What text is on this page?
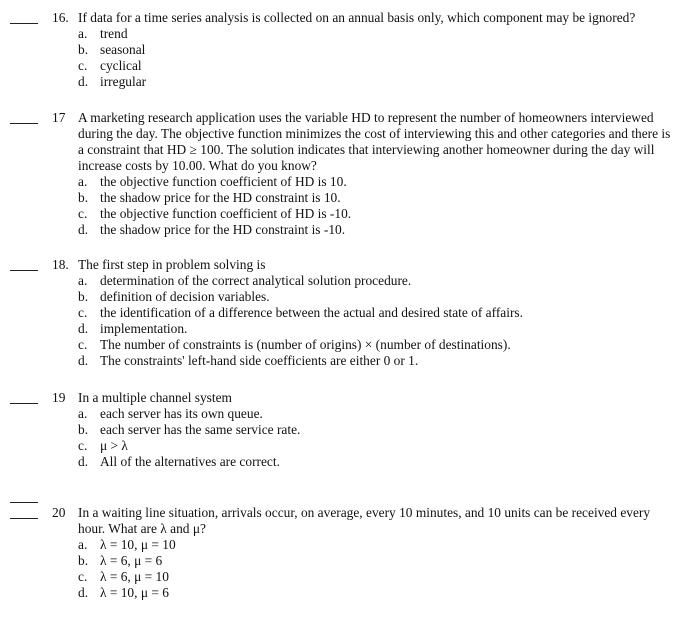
16. If data for a time series analysis is collected on an annual basis only, which component may be ignored?
a. trend
b. seasonal
c. cyclical
d. irregular
17 A marketing research application uses the variable HD to represent the number of homeowners interviewed during the day. The objective function minimizes the cost of interviewing this and other categories and there is a constraint that HD ≥ 100. The solution indicates that interviewing another homeowner during the day will increase costs by 10.00. What do you know?
a. the objective function coefficient of HD is 10.
b. the shadow price for the HD constraint is 10.
c. the objective function coefficient of HD is -10.
d. the shadow price for the HD constraint is -10.
18. The first step in problem solving is
a. determination of the correct analytical solution procedure.
b. definition of decision variables.
c. the identification of a difference between the actual and desired state of affairs.
d. implementation.
c. The number of constraints is (number of origins) × (number of destinations).
d. The constraints' left-hand side coefficients are either 0 or 1.
19 In a multiple channel system
a. each server has its own queue.
b. each server has the same service rate.
c. μ > λ
d. All of the alternatives are correct.
20 In a waiting line situation, arrivals occur, on average, every 10 minutes, and 10 units can be received every hour. What are λ and μ?
a. λ = 10, μ = 10
b. λ = 6, μ = 6
c. λ = 6, μ = 10
d. λ = 10, μ = 6
